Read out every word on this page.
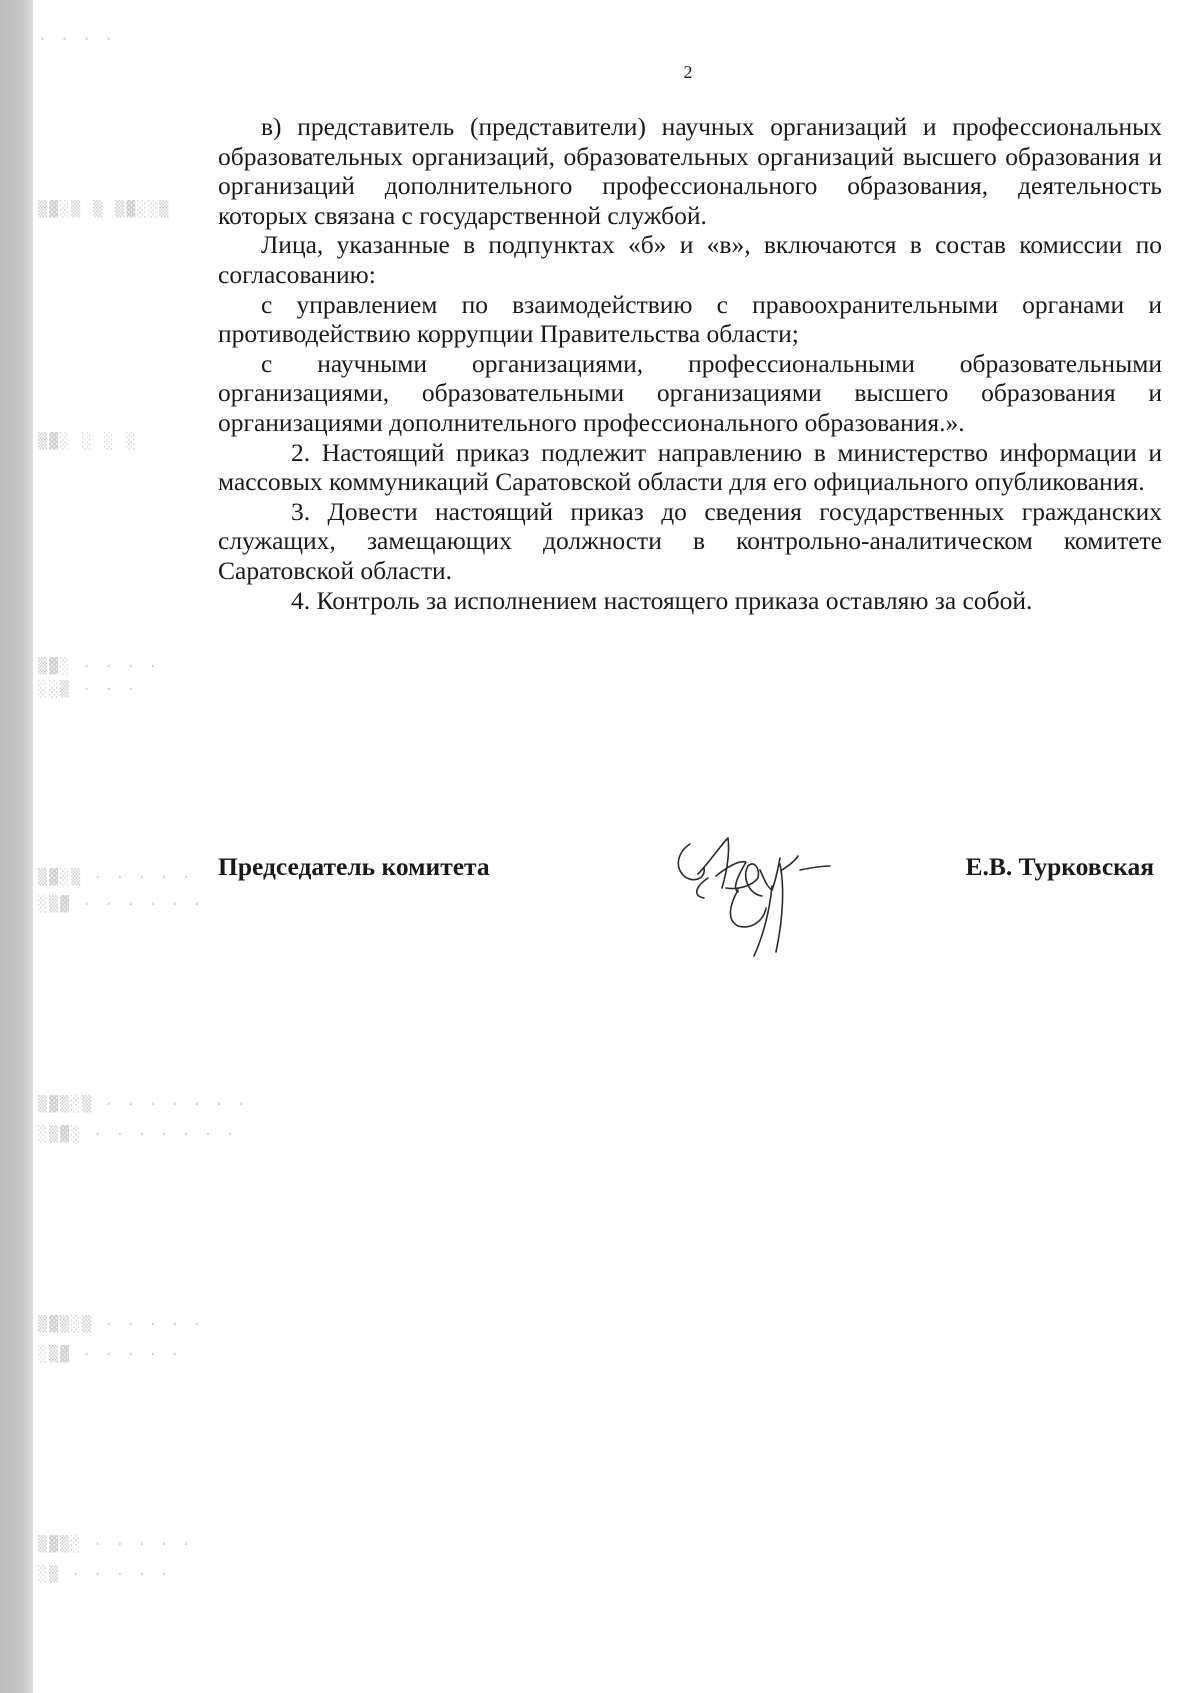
· · · ·
▒▓░▒ ▒ ▒▓░░▒
▒▓░ ░ ░ ░
▒▓░ · · · ·
░░▒ · · ·
▒▓░▒ · · · · ·
░▒▓ · · · · · ·
▒▓▒░▒ · · · · · · ·
░▒▓░ · · · · · · ·
▒▓▒░▒ · · · · ·
░▒▓ · · · · ·
▒▓▒░ · · · · ·
░▒ · · · · ·
2

в) представитель (представители) научных организаций и профессиональных образовательных организаций, образовательных организаций высшего образования и организаций дополнительного профессионального образования, деятельность которых связана с государственной службой.

Лица, указанные в подпунктах «б» и «в», включаются в состав комиссии по согласованию:

с управлением по взаимодействию с правоохранительными органами и противодействию коррупции Правительства области;

с научными организациями, профессиональными образовательными организациями, образовательными организациями высшего образования и организациями дополнительного профессионального образования.».

2. Настоящий приказ подлежит направлению в министерство информации и массовых коммуникаций Саратовской области для его официального опубликования.

3. Довести настоящий приказ до сведения государственных гражданских служащих, замещающих должности в контрольно-аналитическом комитете Саратовской области.

4. Контроль за исполнением настоящего приказа оставляю за собой.

Председатель комитета	Е.В. Турковская
